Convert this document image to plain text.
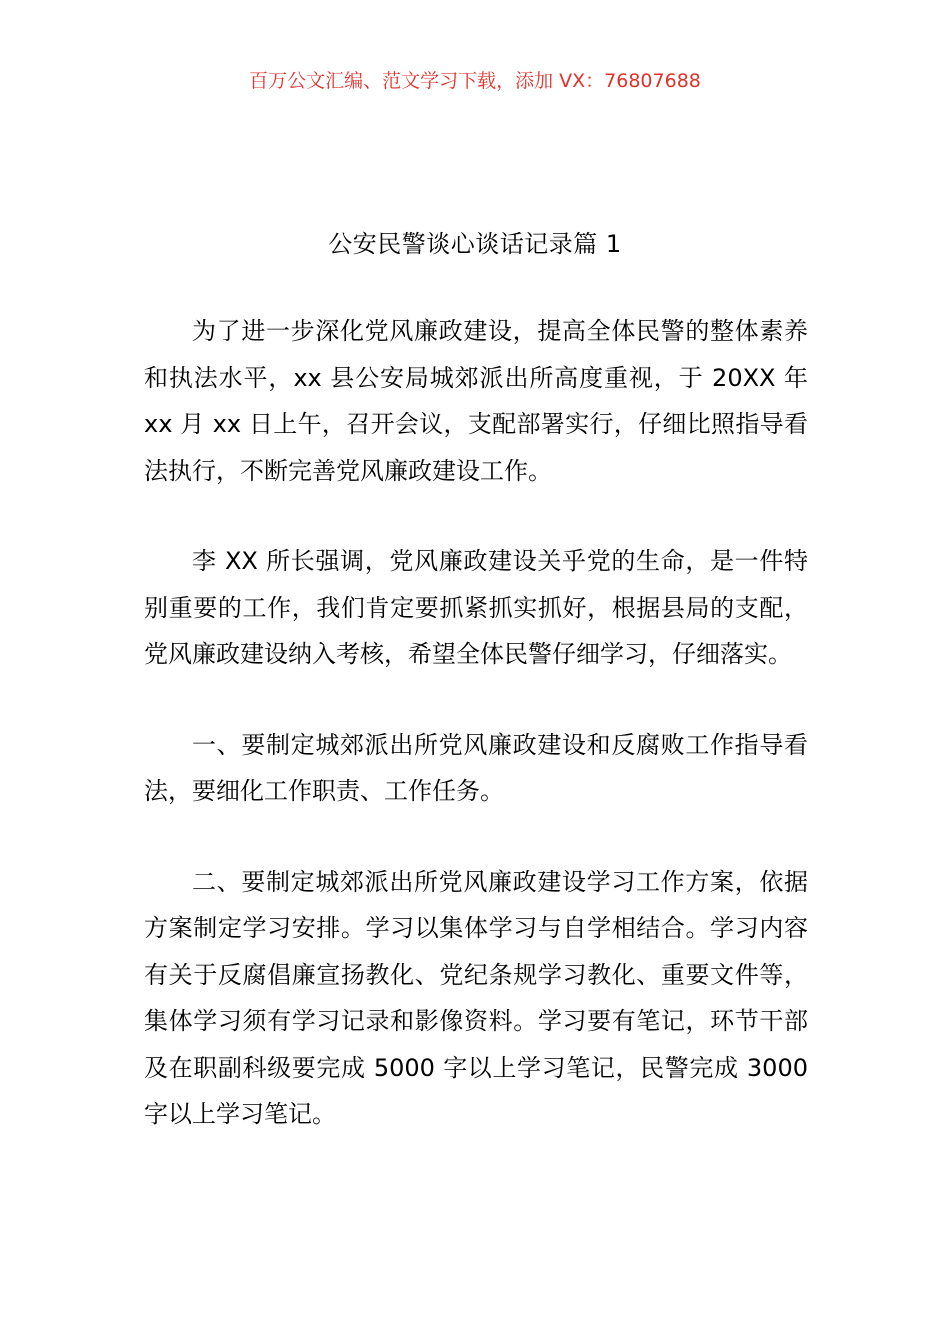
百万公文汇编、范文学习下载，添加 VX：76807688
公安民警谈心谈话记录篇 1

为了进一步深化党风廉政建设，提高全体民警的整体素养和执法水平，xx 县公安局城郊派出所高度重视，于 20XX 年 xx 月 xx 日上午，召开会议，支配部署实行，仔细比照指导看法执行，不断完善党风廉政建设工作。

李 XX 所长强调，党风廉政建设关乎党的生命，是一件特别重要的工作，我们肯定要抓紧抓实抓好，根据县局的支配，党风廉政建设纳入考核，希望全体民警仔细学习，仔细落实。

一、要制定城郊派出所党风廉政建设和反腐败工作指导看法，要细化工作职责、工作任务。

二、要制定城郊派出所党风廉政建设学习工作方案，依据方案制定学习安排。学习以集体学习与自学相结合。学习内容有关于反腐倡廉宣扬教化、党纪条规学习教化、重要文件等，集体学习须有学习记录和影像资料。学习要有笔记，环节干部及在职副科级要完成 5000 字以上学习笔记，民警完成 3000 字以上学习笔记。
